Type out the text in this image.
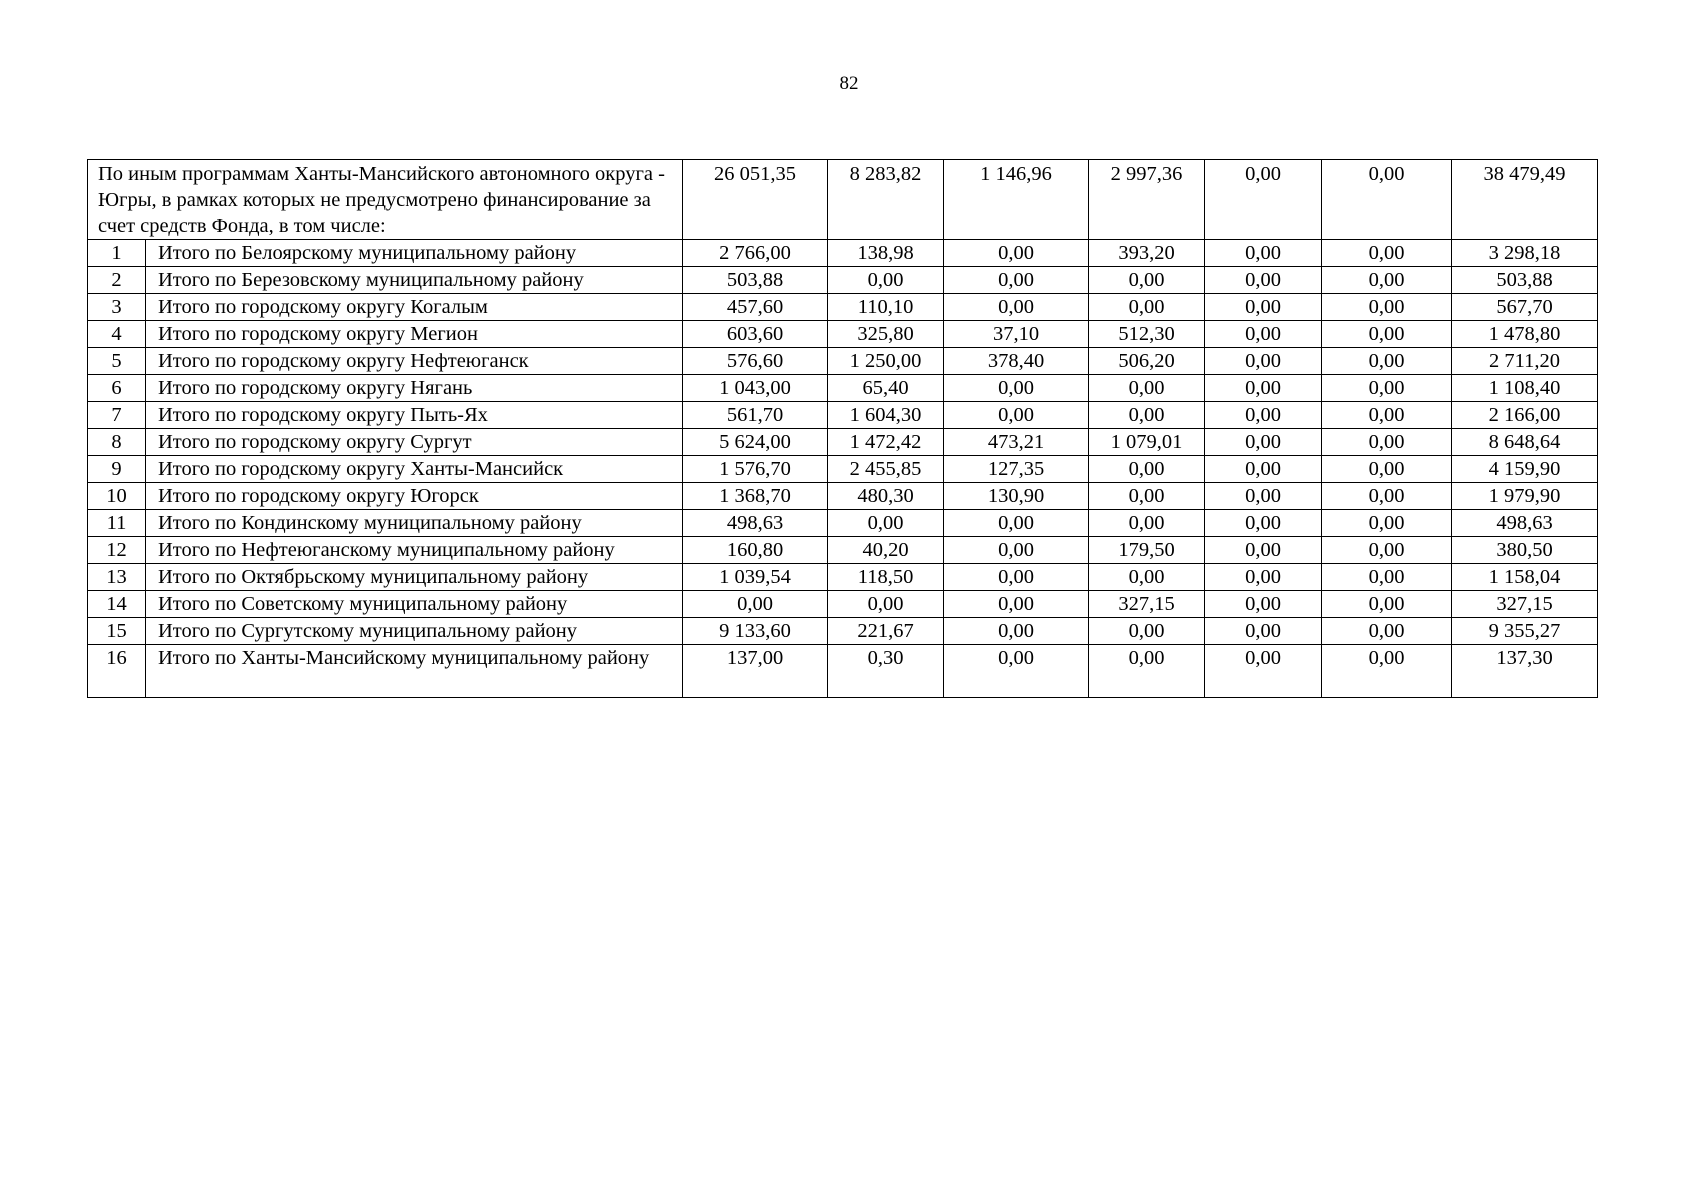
82
По иным программам Ханты-Мансийского автономного округа - Югры, в рамках которых не предусмотрено финансирование за счет средств Фонда, в том числе:		26 051,35	8 283,82	1 146,96	2 997,36	0,00	0,00	38 479,49
1	Итого по Белоярскому муниципальному району	2 766,00	138,98	0,00	393,20	0,00	0,00	3 298,18
2	Итого по Березовскому муниципальному району	503,88	0,00	0,00	0,00	0,00	0,00	503,88
3	Итого по городскому округу Когалым	457,60	110,10	0,00	0,00	0,00	0,00	567,70
4	Итого по городскому округу Мегион	603,60	325,80	37,10	512,30	0,00	0,00	1 478,80
5	Итого по городскому округу Нефтеюганск	576,60	1 250,00	378,40	506,20	0,00	0,00	2 711,20
6	Итого по городскому округу Нягань	1 043,00	65,40	0,00	0,00	0,00	0,00	1 108,40
7	Итого по городскому округу Пыть-Ях	561,70	1 604,30	0,00	0,00	0,00	0,00	2 166,00
8	Итого по городскому округу Сургут	5 624,00	1 472,42	473,21	1 079,01	0,00	0,00	8 648,64
9	Итого по городскому округу Ханты-Мансийск	1 576,70	2 455,85	127,35	0,00	0,00	0,00	4 159,90
10	Итого по городскому округу Югорск	1 368,70	480,30	130,90	0,00	0,00	0,00	1 979,90
11	Итого по Кондинскому муниципальному району	498,63	0,00	0,00	0,00	0,00	0,00	498,63
12	Итого по Нефтеюганскому муниципальному району	160,80	40,20	0,00	179,50	0,00	0,00	380,50
13	Итого по Октябрьскому муниципальному району	1 039,54	118,50	0,00	0,00	0,00	0,00	1 158,04
14	Итого по Советскому муниципальному району	0,00	0,00	0,00	327,15	0,00	0,00	327,15
15	Итого по Сургутскому муниципальному району	9 133,60	221,67	0,00	0,00	0,00	0,00	9 355,27
16	Итого по Ханты-Мансийскому муниципальному району	137,00	0,30	0,00	0,00	0,00	0,00	137,30
